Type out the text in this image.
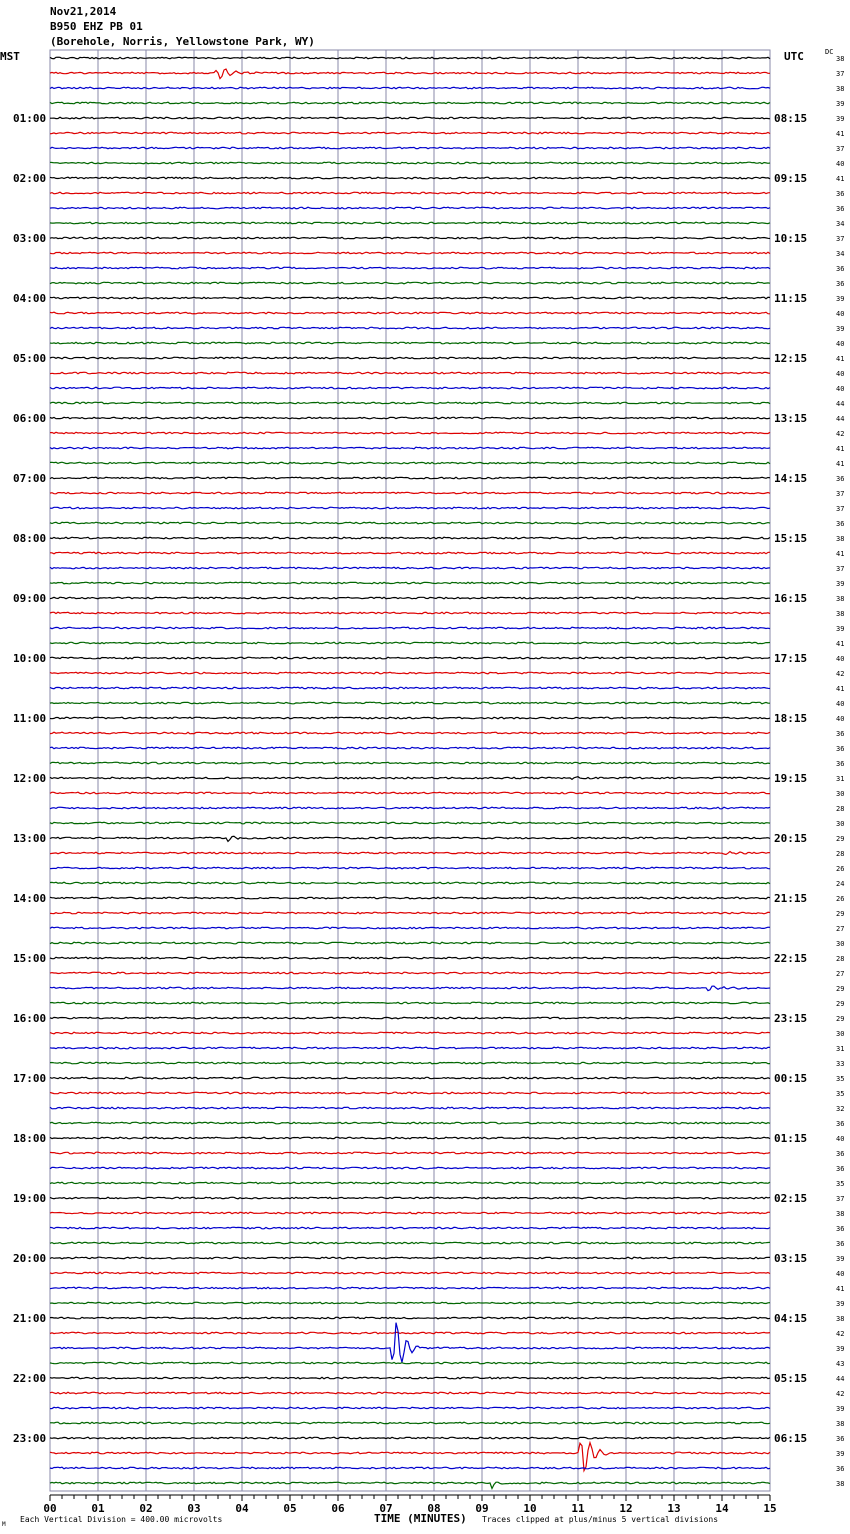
Nov21,2014
B950 EHZ PB 01
(Borehole, Norris, Yellowstone Park, WY)
MST	UTC	DC
01:00
02:00
03:00
04:00
05:00
06:00
07:00
08:00
09:00
10:00
11:00
12:00
13:00
14:00
15:00
16:00
17:00
18:00
19:00
20:00
21:00
22:00
23:00
08:15
09:15
10:15
11:15
12:15
13:15
14:15
15:15
16:15
17:15
18:15
19:15
20:15
21:15
22:15
23:15
00:15
01:15
02:15
03:15
04:15
05:15
06:15
38
37
38
39
39
41
37
40
41
36
36
34
37
34
36
36
39
40
39
40
41
40
40
44
44
42
41
41
36
37
37
36
38
41
37
39
38
38
39
41
40
42
41
40
40
36
36
36
31
30
28
30
29
28
26
24
26
29
27
30
28
27
29
29
29
30
31
33
35
35
32
36
40
36
36
35
37
38
36
36
39
40
41
39
38
42
39
43
44
42
39
38
36
39
36
38
00	01	02	03	04	05	06	07	08	09	10	11	12	13	14	15
Each Vertical Division = 400.00 microvolts	TIME (MINUTES) Traces clipped at plus/minus 5 vertical divisions
M
